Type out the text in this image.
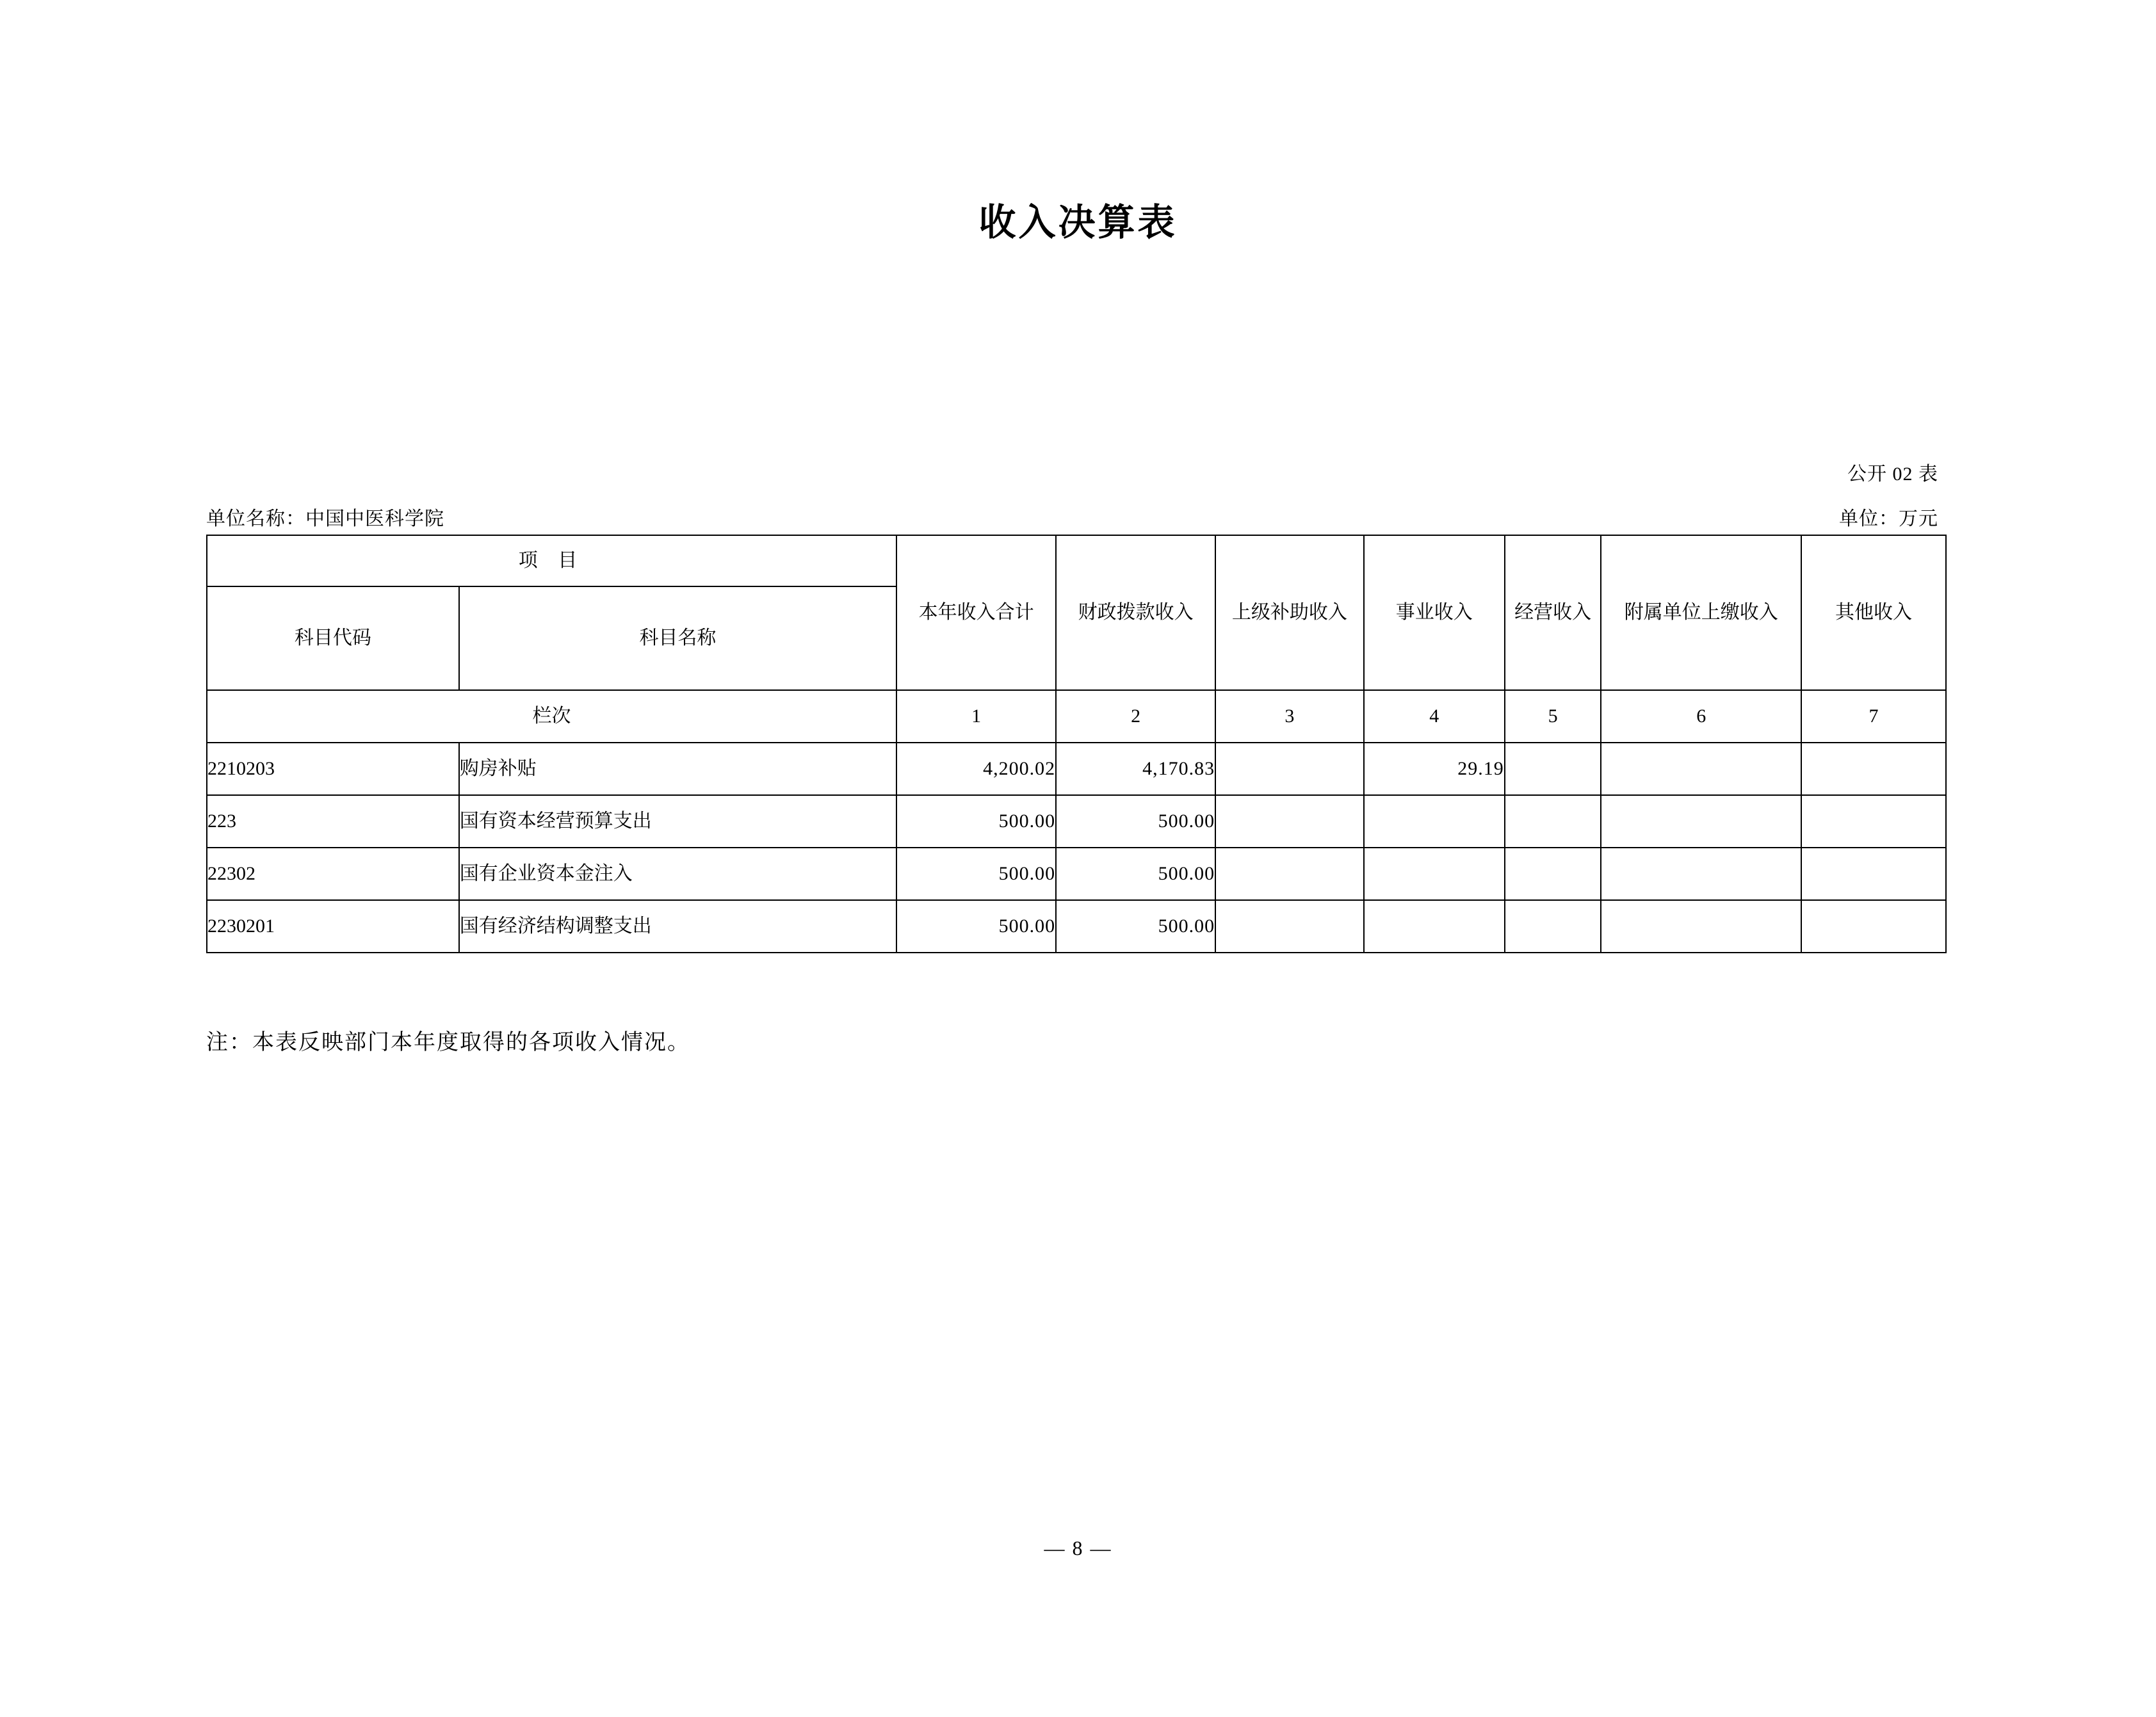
收入决算表
公开 02 表
单位名称：中国中医科学院	单位：万元
项 目		本年收入合计	财政拨款收入	上级补助收入	事业收入	经营收入	附属单位上缴收入	其他收入
科目代码	科目名称							
栏次		1	2	3	4	5	6	7
2210203	购房补贴	4,200.02	4,170.83		29.19			
223	国有资本经营预算支出	500.00	500.00					
22302	国有企业资本金注入	500.00	500.00					
2230201	国有经济结构调整支出	500.00	500.00					
注：本表反映部门本年度取得的各项收入情况。
— 8 —
